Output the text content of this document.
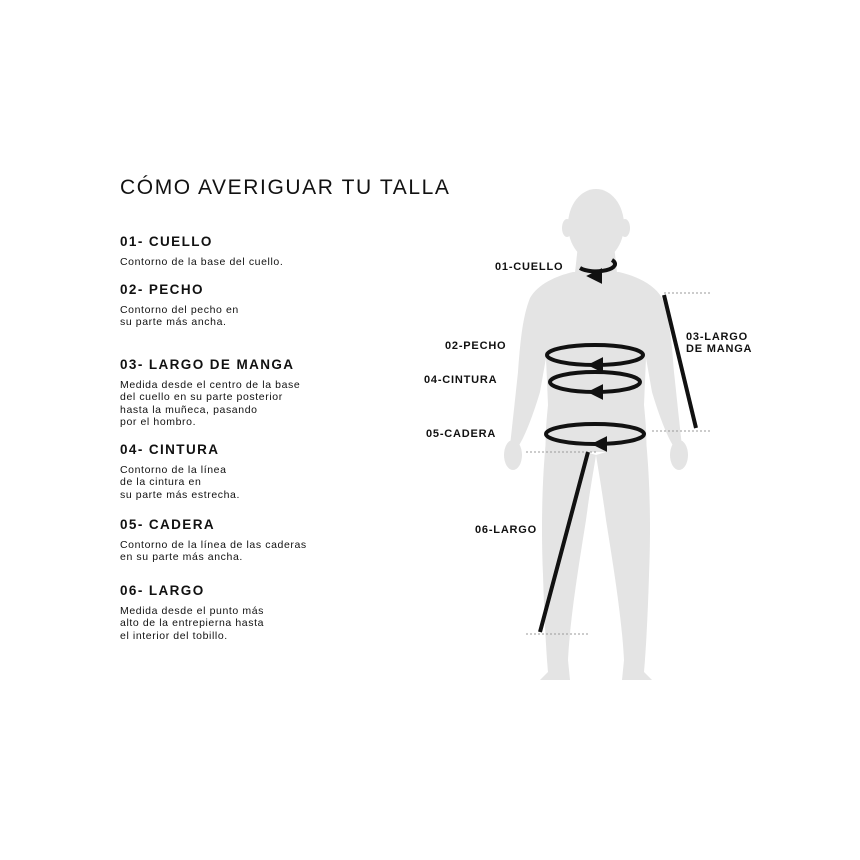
CÓMO AVERIGUAR TU TALLA
01- CUELLO

Contorno de la base del cuello.

02- PECHO

Contorno del pecho en
su parte más ancha.

03- LARGO DE MANGA

Medida desde el centro de la base
del cuello en su parte posterior
hasta la muñeca, pasando
por el hombro.

04- CINTURA

Contorno de la línea
de la cintura en
su parte más estrecha.

05- CADERA

Contorno de la línea de las caderas
en su parte más ancha.

06- LARGO

Medida desde el punto más
alto de la entrepierna hasta
el interior del tobillo.

01-CUELLO
02-PECHO
03-LARGO
DE MANGA
04-CINTURA
05-CADERA
06-LARGO
